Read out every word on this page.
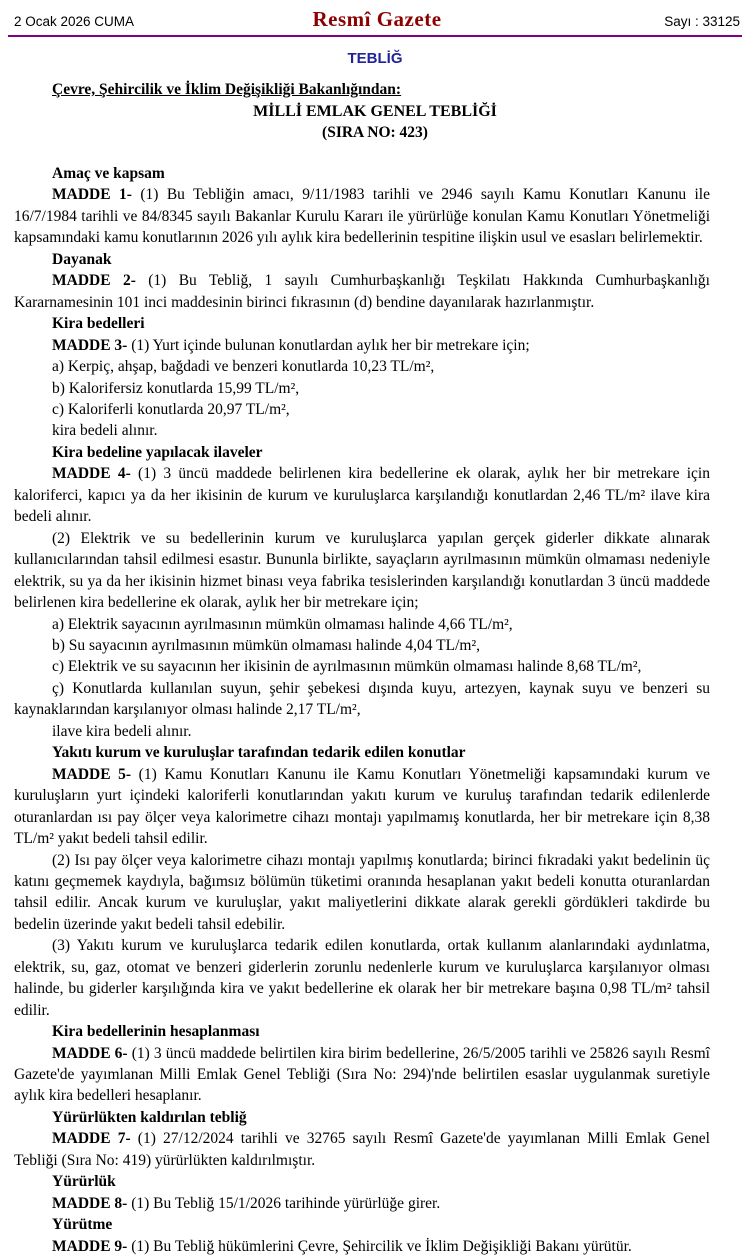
2 Ocak 2026 CUMA	Resmî Gazete	Sayı : 33125
TEBLİĞ
Çevre, Şehircilik ve İklim Değişikliği Bakanlığından:
MİLLİ EMLAK GENEL TEBLİĞİ
(SIRA NO: 423)

Amaç ve kapsam

MADDE 1- (1) Bu Tebliğin amacı, 9/11/1983 tarihli ve 2946 sayılı Kamu Konutları Kanunu ile 16/7/1984 tarihli ve 84/8345 sayılı Bakanlar Kurulu Kararı ile yürürlüğe konulan Kamu Konutları Yönetmeliği kapsamındaki kamu konutlarının 2026 yılı aylık kira bedellerinin tespitine ilişkin usul ve esasları belirlemektir.

Dayanak

MADDE 2- (1) Bu Tebliğ, 1 sayılı Cumhurbaşkanlığı Teşkilatı Hakkında Cumhurbaşkanlığı Kararnamesinin 101 inci maddesinin birinci fıkrasının (d) bendine dayanılarak hazırlanmıştır.

Kira bedelleri

MADDE 3- (1) Yurt içinde bulunan konutlardan aylık her bir metrekare için;

a) Kerpiç, ahşap, bağdadi ve benzeri konutlarda 10,23 TL/m²,

b) Kalorifersiz konutlarda 15,99 TL/m²,

c) Kaloriferli konutlarda 20,97 TL/m²,

kira bedeli alınır.

Kira bedeline yapılacak ilaveler

MADDE 4- (1) 3 üncü maddede belirlenen kira bedellerine ek olarak, aylık her bir metrekare için kaloriferci, kapıcı ya da her ikisinin de kurum ve kuruluşlarca karşılandığı konutlardan 2,46 TL/m² ilave kira bedeli alınır.

(2) Elektrik ve su bedellerinin kurum ve kuruluşlarca yapılan gerçek giderler dikkate alınarak kullanıcılarından tahsil edilmesi esastır. Bununla birlikte, sayaçların ayrılmasının mümkün olmaması nedeniyle elektrik, su ya da her ikisinin hizmet binası veya fabrika tesislerinden karşılandığı konutlardan 3 üncü maddede belirlenen kira bedellerine ek olarak, aylık her bir metrekare için;

a) Elektrik sayacının ayrılmasının mümkün olmaması halinde 4,66 TL/m²,

b) Su sayacının ayrılmasının mümkün olmaması halinde 4,04 TL/m²,

c) Elektrik ve su sayacının her ikisinin de ayrılmasının mümkün olmaması halinde 8,68 TL/m²,

ç) Konutlarda kullanılan suyun, şehir şebekesi dışında kuyu, artezyen, kaynak suyu ve benzeri su kaynaklarından karşılanıyor olması halinde 2,17 TL/m²,

ilave kira bedeli alınır.

Yakıtı kurum ve kuruluşlar tarafından tedarik edilen konutlar

MADDE 5- (1) Kamu Konutları Kanunu ile Kamu Konutları Yönetmeliği kapsamındaki kurum ve kuruluşların yurt içindeki kaloriferli konutlarından yakıtı kurum ve kuruluş tarafından tedarik edilenlerde oturanlardan ısı pay ölçer veya kalorimetre cihazı montajı yapılmamış konutlarda, her bir metrekare için 8,38 TL/m² yakıt bedeli tahsil edilir.

(2) Isı pay ölçer veya kalorimetre cihazı montajı yapılmış konutlarda; birinci fıkradaki yakıt bedelinin üç katını geçmemek kaydıyla, bağımsız bölümün tüketimi oranında hesaplanan yakıt bedeli konutta oturanlardan tahsil edilir. Ancak kurum ve kuruluşlar, yakıt maliyetlerini dikkate alarak gerekli gördükleri takdirde bu bedelin üzerinde yakıt bedeli tahsil edebilir.

(3) Yakıtı kurum ve kuruluşlarca tedarik edilen konutlarda, ortak kullanım alanlarındaki aydınlatma, elektrik, su, gaz, otomat ve benzeri giderlerin zorunlu nedenlerle kurum ve kuruluşlarca karşılanıyor olması halinde, bu giderler karşılığında kira ve yakıt bedellerine ek olarak her bir metrekare başına 0,98 TL/m² tahsil edilir.

Kira bedellerinin hesaplanması

MADDE 6- (1) 3 üncü maddede belirtilen kira birim bedellerine, 26/5/2005 tarihli ve 25826 sayılı Resmî Gazete'de yayımlanan Milli Emlak Genel Tebliği (Sıra No: 294)'nde belirtilen esaslar uygulanmak suretiyle aylık kira bedelleri hesaplanır.

Yürürlükten kaldırılan tebliğ

MADDE 7- (1) 27/12/2024 tarihli ve 32765 sayılı Resmî Gazete'de yayımlanan Milli Emlak Genel Tebliği (Sıra No: 419) yürürlükten kaldırılmıştır.

Yürürlük

MADDE 8- (1) Bu Tebliğ 15/1/2026 tarihinde yürürlüğe girer.

Yürütme

MADDE 9- (1) Bu Tebliğ hükümlerini Çevre, Şehircilik ve İklim Değişikliği Bakanı yürütür.
